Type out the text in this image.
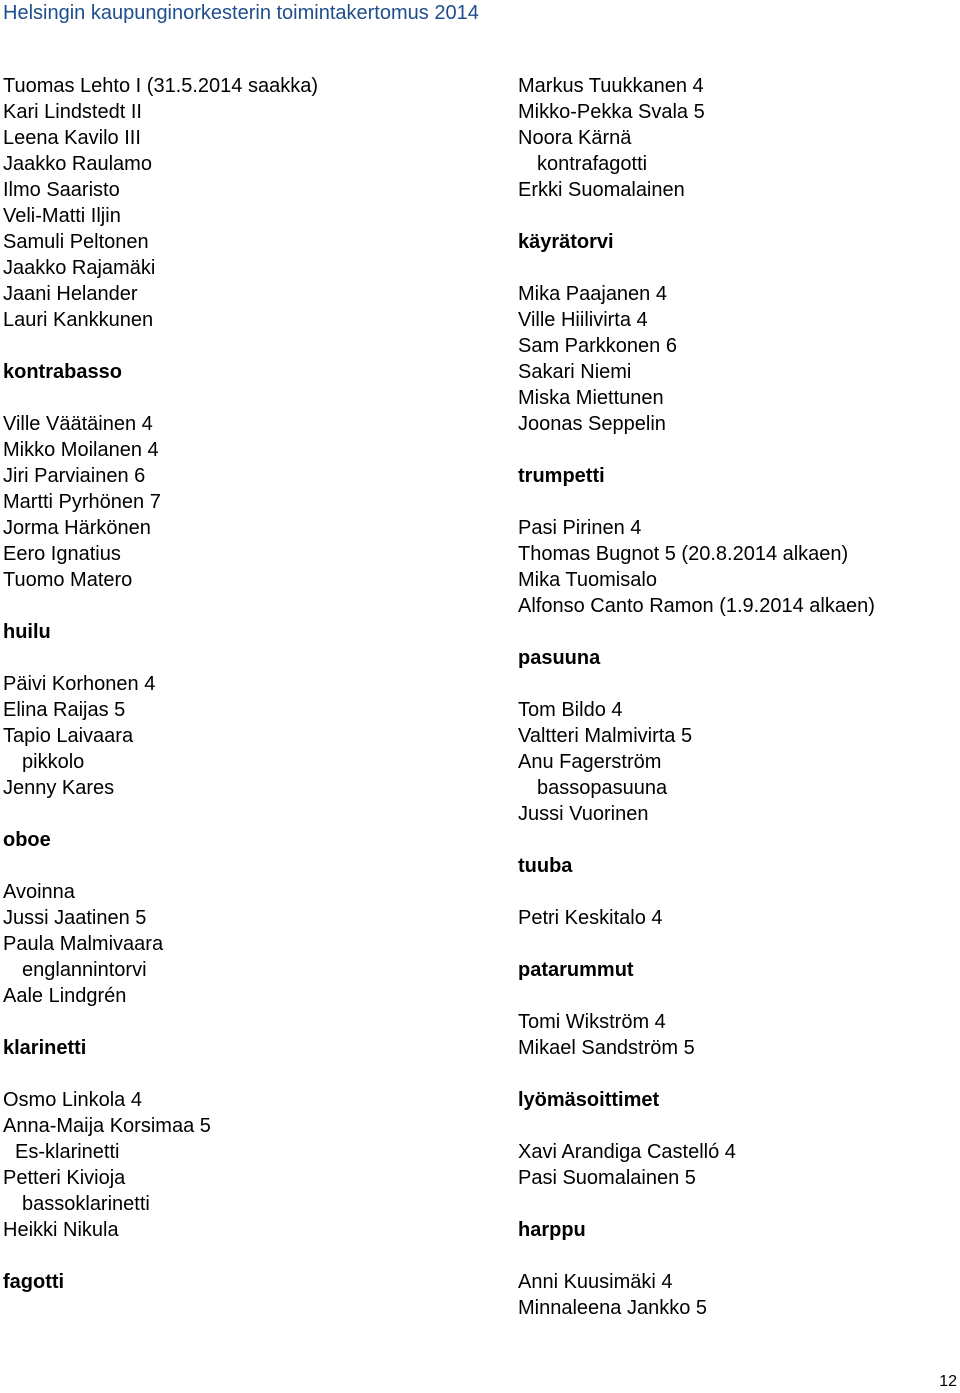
Helsingin kaupunginorkesterin toimintakertomus 2014
Tuomas Lehto I (31.5.2014 saakka)
Kari Lindstedt II
Leena Kavilo III
Jaakko Raulamo
Ilmo Saaristo
Veli-Matti Iljin
Samuli Peltonen
Jaakko Rajamäki
Jaani Helander
Lauri Kankkunen
kontrabasso
Ville Väätäinen 4
Mikko Moilanen 4
Jiri Parviainen 6
Martti Pyrhönen 7
Jorma Härkönen
Eero Ignatius
Tuomo Matero
huilu
Päivi Korhonen 4
Elina Raijas 5
Tapio Laivaara
pikkolo
Jenny Kares
oboe
Avoinna
Jussi Jaatinen 5
Paula Malmivaara
englannintorvi
Aale Lindgrén
klarinetti
Osmo Linkola 4
Anna-Maija Korsimaa 5
Es-klarinetti
Petteri Kivioja
bassoklarinetti
Heikki Nikula
fagotti
Markus Tuukkanen 4
Mikko-Pekka Svala 5
Noora Kärnä
kontrafagotti
Erkki Suomalainen
käyrätorvi
Mika Paajanen 4
Ville Hiilivirta 4
Sam Parkkonen 6
Sakari Niemi
Miska Miettunen
Joonas Seppelin
trumpetti
Pasi Pirinen 4
Thomas Bugnot 5 (20.8.2014 alkaen)
Mika Tuomisalo
Alfonso Canto Ramon (1.9.2014 alkaen)
pasuuna
Tom Bildo 4
Valtteri Malmivirta 5
Anu Fagerström
bassopasuuna
Jussi Vuorinen
tuuba
Petri Keskitalo 4
patarummut
Tomi Wikström 4
Mikael Sandström 5
lyömäsoittimet
Xavi Arandiga Castelló 4
Pasi Suomalainen 5
harppu
Anni Kuusimäki 4
Minnaleena Jankko 5
12
